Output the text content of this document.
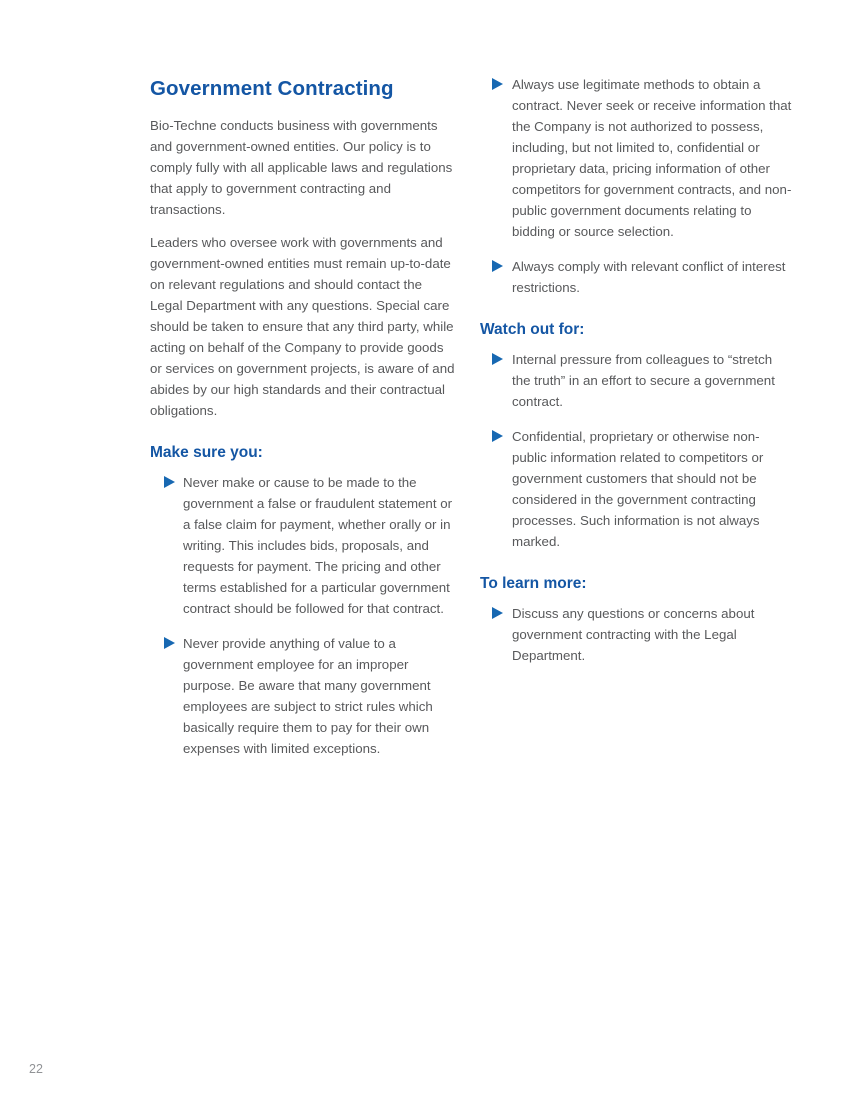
Government Contracting

Bio-Techne conducts business with governments and government-owned entities. Our policy is to comply fully with all applicable laws and regulations that apply to government contracting and transactions.

Leaders who oversee work with governments and government-owned entities must remain up-to-date on relevant regulations and should contact the Legal Department with any questions. Special care should be taken to ensure that any third party, while acting on behalf of the Company to provide goods or services on government projects, is aware of and abides by our high standards and their contractual obligations.

Make sure you:
Never make or cause to be made to the government a false or fraudulent statement or a false claim for payment, whether orally or in writing. This includes bids, proposals, and requests for payment. The pricing and other terms established for a particular government contract should be followed for that contract.
Never provide anything of value to a government employee for an improper purpose. Be aware that many government employees are subject to strict rules which basically require them to pay for their own expenses with limited exceptions.
Always use legitimate methods to obtain a contract. Never seek or receive information that the Company is not authorized to possess, including, but not limited to, confidential or proprietary data, pricing information of other competitors for government contracts, and non-public government documents relating to bidding or source selection.
Always comply with relevant conflict of interest restrictions.
Watch out for:
Internal pressure from colleagues to “stretch the truth” in an effort to secure a government contract.
Confidential, proprietary or otherwise non-public information related to competitors or government customers that should not be considered in the government contracting processes. Such information is not always marked.
To learn more:
Discuss any questions or concerns about government contracting with the Legal Department.
22
